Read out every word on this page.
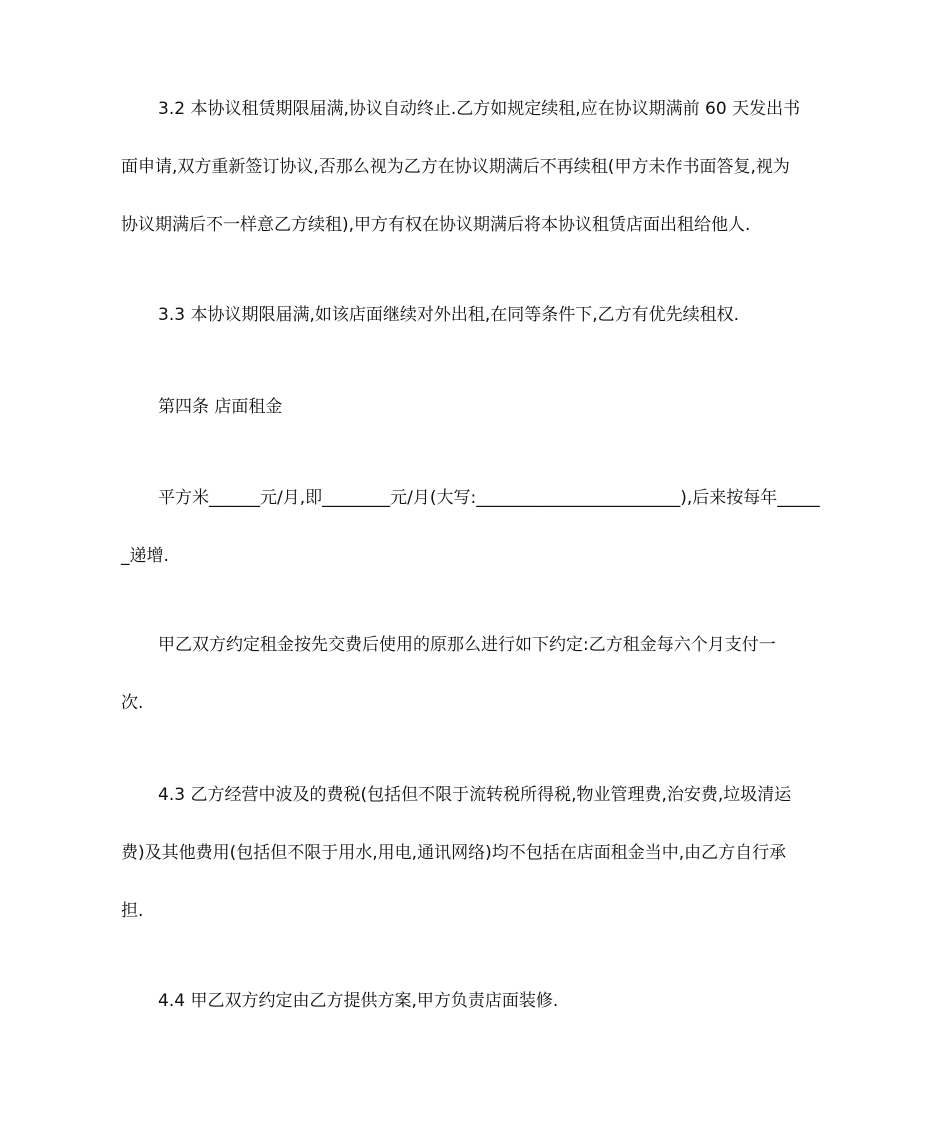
3.2 本协议租赁期限届满,协议自动终止.乙方如规定续租,应在协议期满前 60 天发出书
面申请,双方重新签订协议,否那么视为乙方在协议期满后不再续租(甲方未作书面答复,视为
协议期满后不一样意乙方续租),甲方有权在协议期满后将本协议租赁店面出租给他人.
3.3 本协议期限届满,如该店面继续对外出租,在同等条件下,乙方有优先续租权.
第四条 店面租金
平方米______元/月,即________元/月(大写:________________________),后来按每年_____
_递增.
甲乙双方约定租金按先交费后使用的原那么进行如下约定:乙方租金每六个月支付一
次.
4.3 乙方经营中波及的费税(包括但不限于流转税所得税,物业管理费,治安费,垃圾清运
费)及其他费用(包括但不限于用水,用电,通讯网络)均不包括在店面租金当中,由乙方自行承
担.
4.4 甲乙双方约定由乙方提供方案,甲方负责店面装修.
